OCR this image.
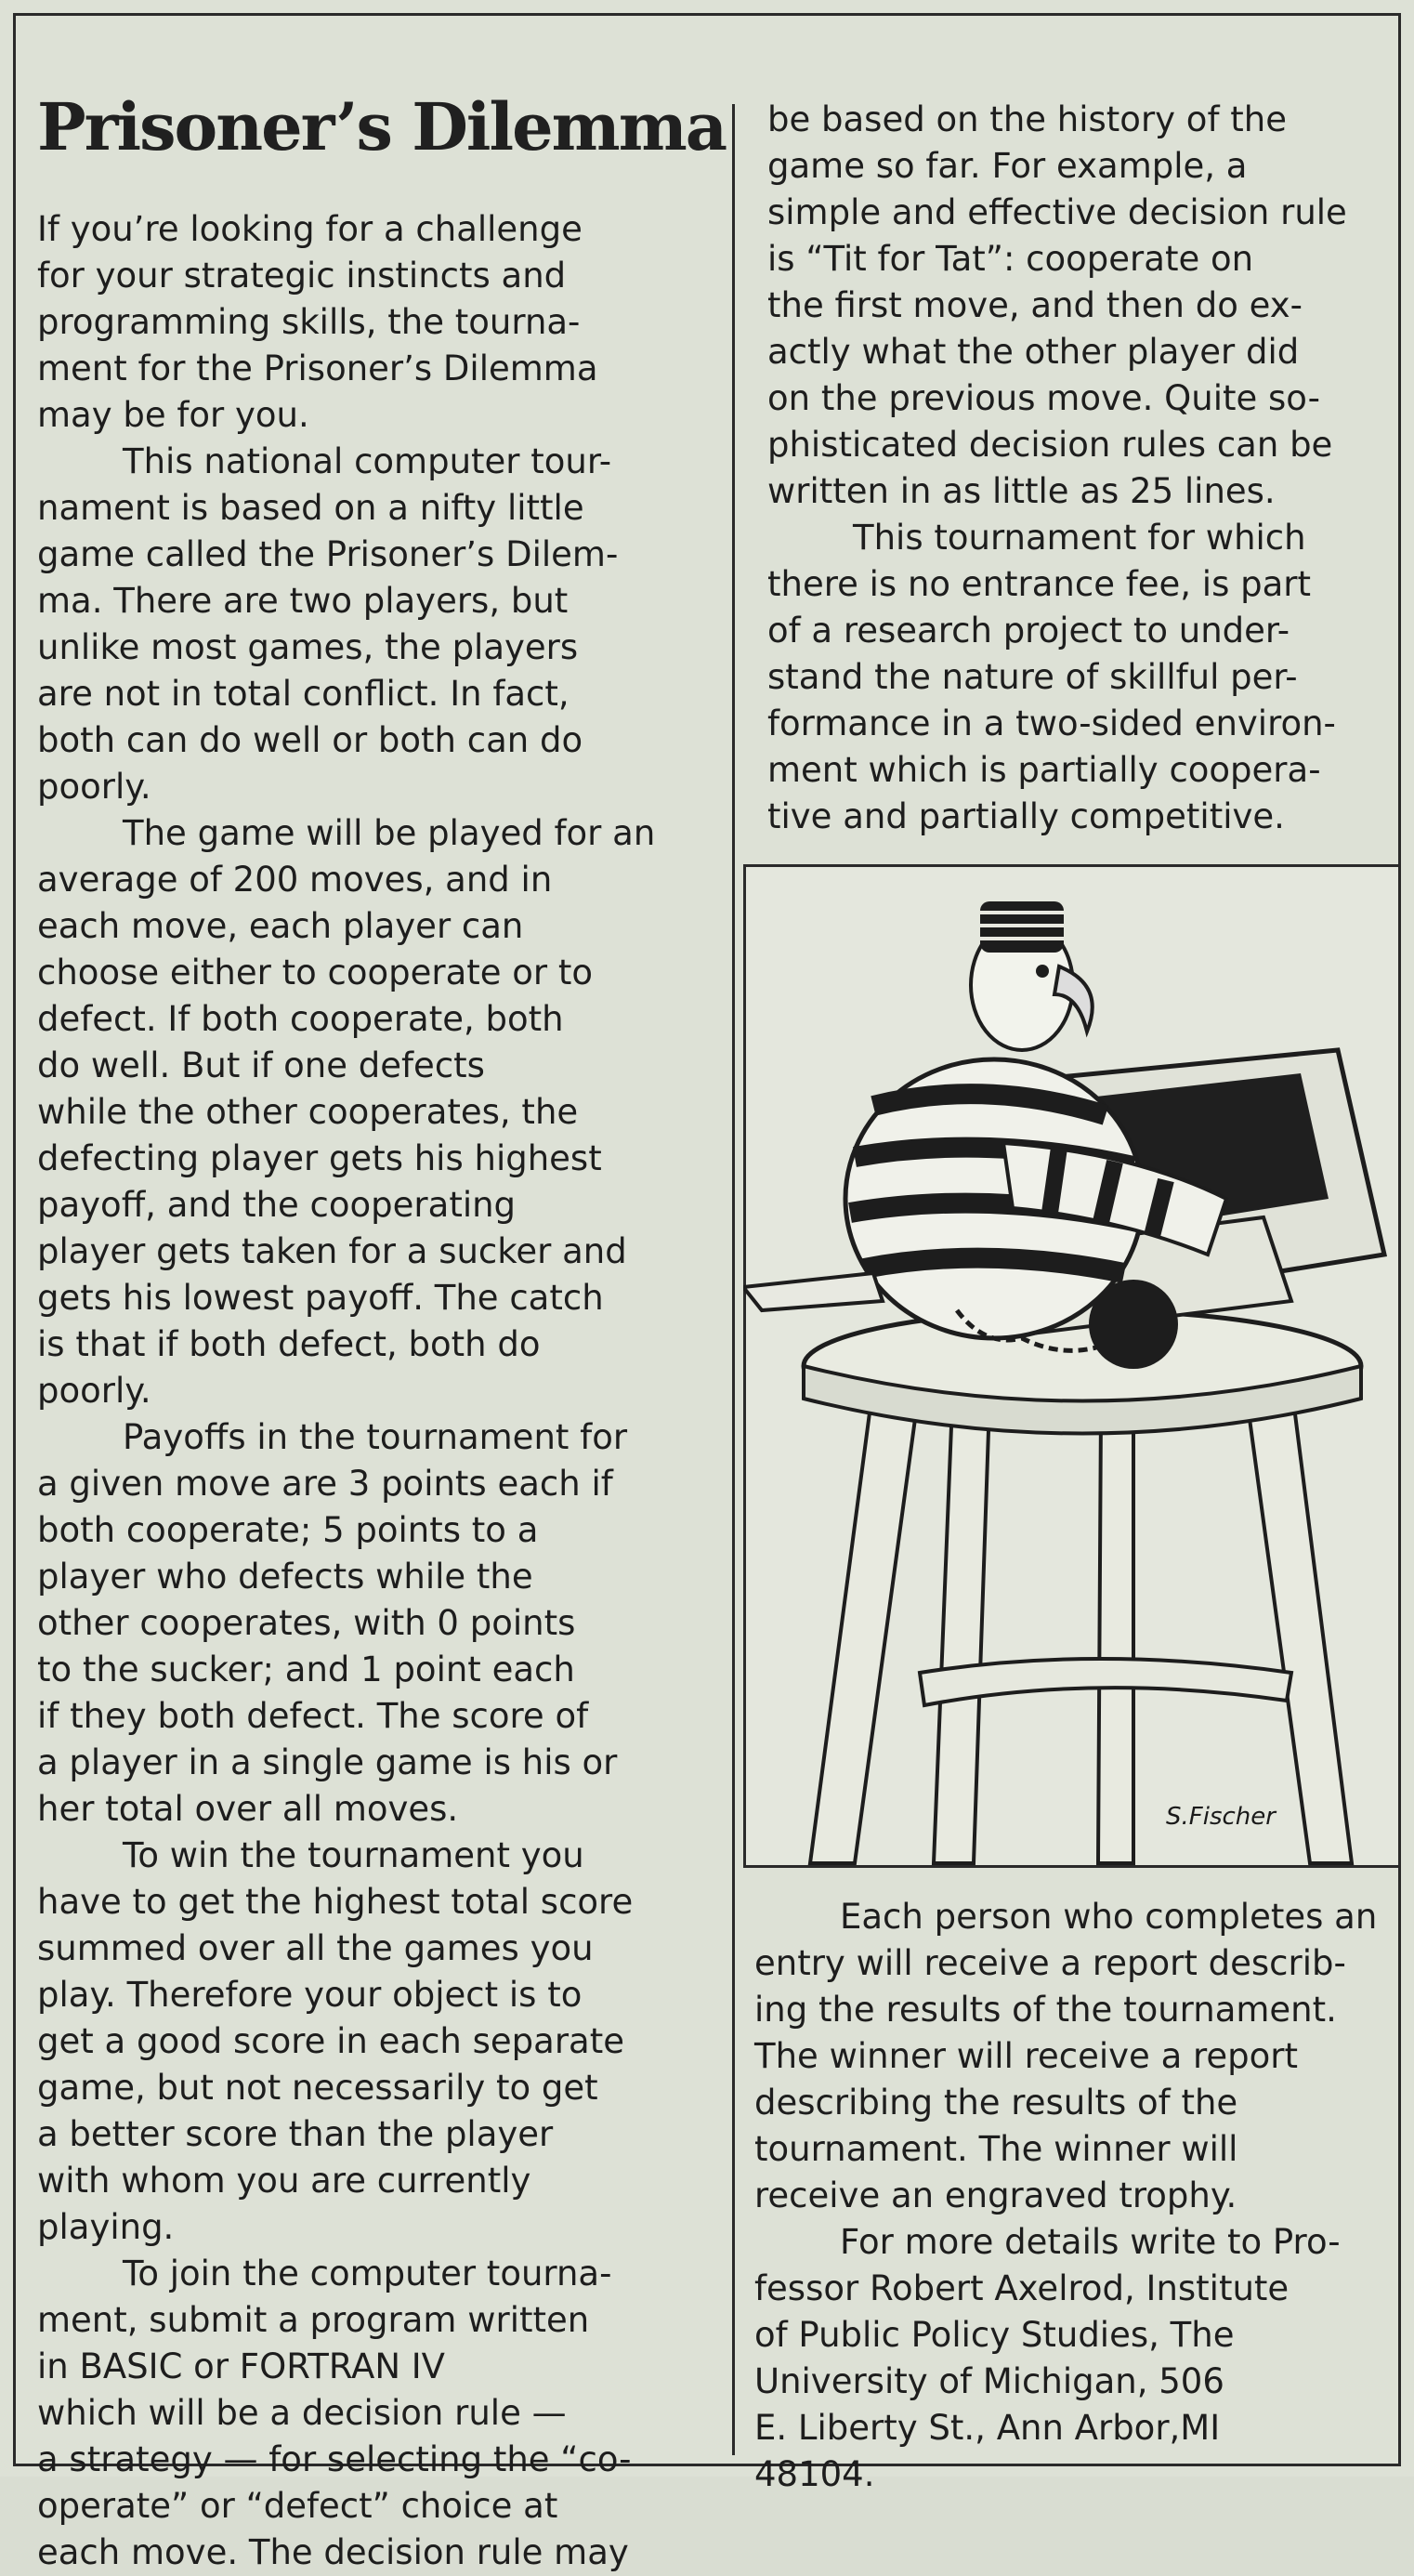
Prisoner’s Dilemma
If you’re looking for a challenge
for your strategic instincts and
programming skills, the tourna-
ment for the Prisoner’s Dilemma
may be for you.
This national computer tour-
nament is based on a nifty little
game called the Prisoner’s Dilem-
ma. There are two players, but
unlike most games, the players
are not in total conflict. In fact,
both can do well or both can do
poorly.
The game will be played for an
average of 200 moves, and in
each move, each player can
choose either to cooperate or to
defect. If both cooperate, both
do well. But if one defects
while the other cooperates, the
defecting player gets his highest
payoff, and the cooperating
player gets taken for a sucker and
gets his lowest payoff. The catch
is that if both defect, both do
poorly.
Payoffs in the tournament for
a given move are 3 points each if
both cooperate; 5 points to a
player who defects while the
other cooperates, with 0 points
to the sucker; and 1 point each
if they both defect. The score of
a player in a single game is his or
her total over all moves.
To win the tournament you
have to get the highest total score
summed over all the games you
play. Therefore your object is to
get a good score in each separate
game, but not necessarily to get
a better score than the player
with whom you are currently
playing.
To join the computer tourna-
ment, submit a program written
in BASIC or FORTRAN IV
which will be a decision rule —
a strategy — for selecting the “co-
operate” or “defect” choice at
each move. The decision rule may
be based on the history of the
game so far. For example, a
simple and effective decision rule
is “Tit for Tat”: cooperate on
the first move, and then do ex-
actly what the other player did
on the previous move. Quite so-
phisticated decision rules can be
written in as little as 25 lines.
This tournament for which
there is no entrance fee, is part
of a research project to under-
stand the nature of skillful per-
formance in a two-sided environ-
ment which is partially coopera-
tive and partially competitive.
S.Fischer
Each person who completes an
entry will receive a report describ-
ing the results of the tournament.
The winner will receive a report
describing the results of the
tournament. The winner will
receive an engraved trophy.
For more details write to Pro-
fessor Robert Axelrod, Institute
of Public Policy Studies, The
University of Michigan, 506
E. Liberty St., Ann Arbor,MI
48104.
